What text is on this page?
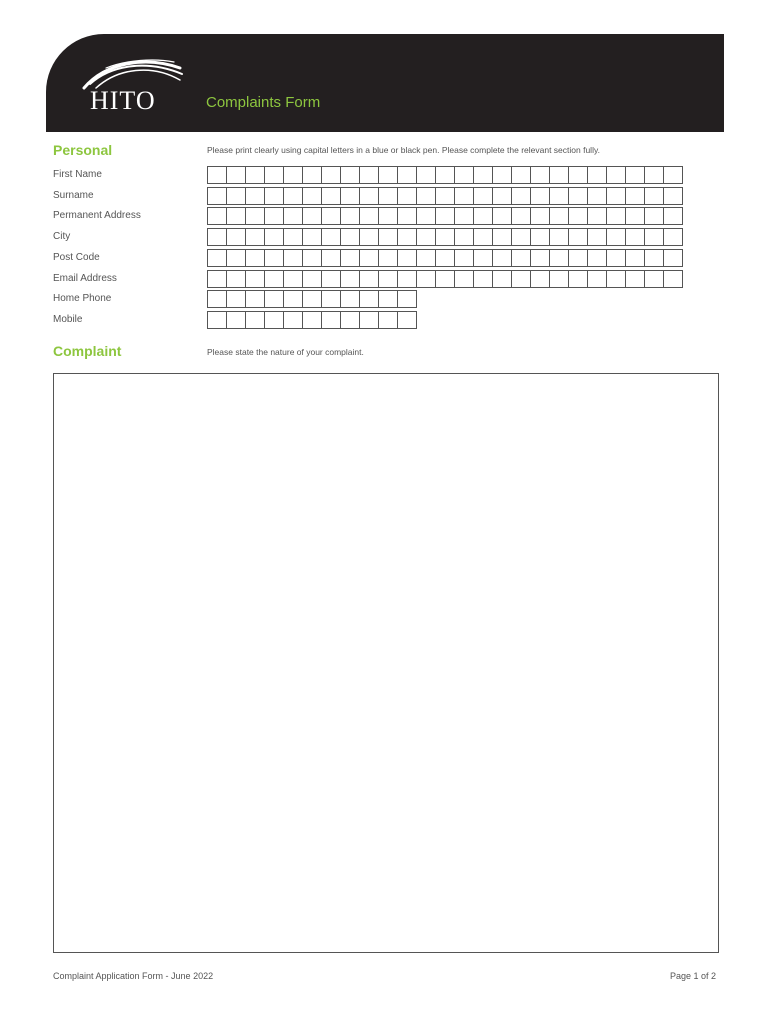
HITO	Complaints Form
Personal	Please print clearly using capital letters in a blue or black pen. Please complete the relevant section fully.
First Name
Surname
Permanent Address
City
Post Code
Email Address
Home Phone
Mobile
Complaint	Please state the nature of your complaint.
Complaint Application Form - June 2022	Page 1 of 2
